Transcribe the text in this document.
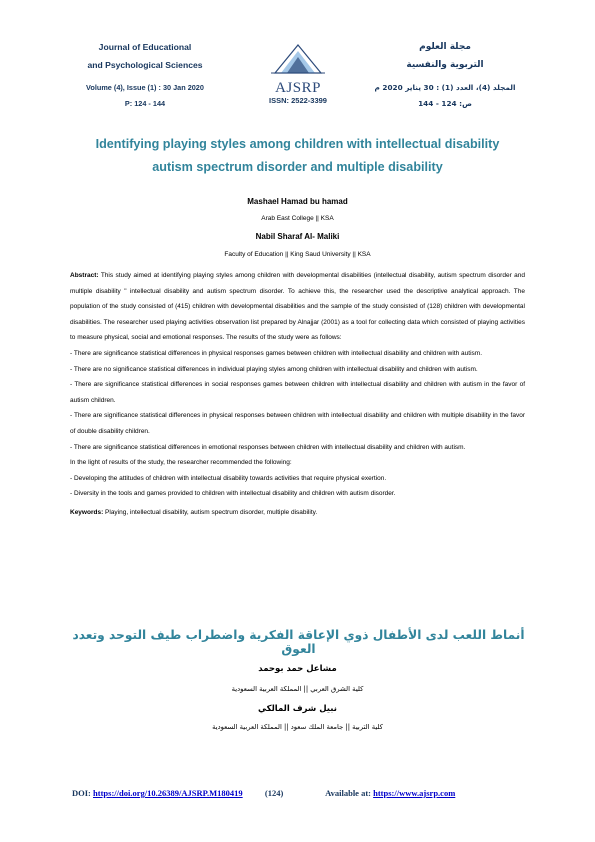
Journal of Educational
and Psychological Sciences
Volume (4), Issue (1) : 30 Jan 2020
P: 124 - 144
مجلة العلوم
التربوية والنفسية
المجلد (4)، العدد (1) : 30 يناير 2020 م
ص: 124 - 144
AJSRP
ISSN: 2522-3399
Identifying playing styles among children with intellectual disability
autism spectrum disorder and multiple disability
Mashael Hamad bu hamad
Arab East College || KSA
Nabil Sharaf Al- Maliki
Faculty of Education || King Saud University || KSA

Abstract: This study aimed at identifying playing styles among children with developmental disabilities (intellectual disability, autism spectrum disorder and multiple disability " intellectual disability and autism spectrum disorder. To achieve this, the researcher used the descriptive analytical approach. The population of the study consisted of (415) children with developmental disabilities and the sample of the study consisted of (128) children with developmental disabilities. The researcher used playing activities observation list prepared by Alnajjar (2001) as a tool for collecting data which consisted of playing activities to measure physical, social and emotional responses. The results of the study were as follows:

- There are significance statistical differences in physical responses games between children with intellectual disability and children with autism.

- There are no significance statistical differences in individual playing styles among children with intellectual disability and children with autism.

- There are significance statistical differences in social responses games between children with intellectual disability and children with autism in the favor of autism children.

- There are significance statistical differences in physical responses between children with intellectual disability and children with multiple disability in the favor of double disability children.

- There are significance statistical differences in emotional responses between children with intellectual disability and children with autism.

In the light of results of the study, the researcher recommended the following:

- Developing the attitudes of children with intellectual disability towards activities that require physical exertion.

- Diversity in the tools and games provided to children with intellectual disability and children with autism disorder.

Keywords: Playing, intellectual disability, autism spectrum disorder, multiple disability.

أنماط اللعب لدى الأطفال ذوي الإعاقة الفكرية واضطراب طيف التوحد وتعدد العوق
مشاعل حمد بوحمد
كلية الشرق العربي || المملكة العربية السعودية
نبيل شرف المالكي
كلية التربية || جامعة الملك سعود || المملكة العربية السعودية
DOI: https://doi.org/10.26389/AJSRP.M180419	(124)	Available at: https://www.ajsrp.com
